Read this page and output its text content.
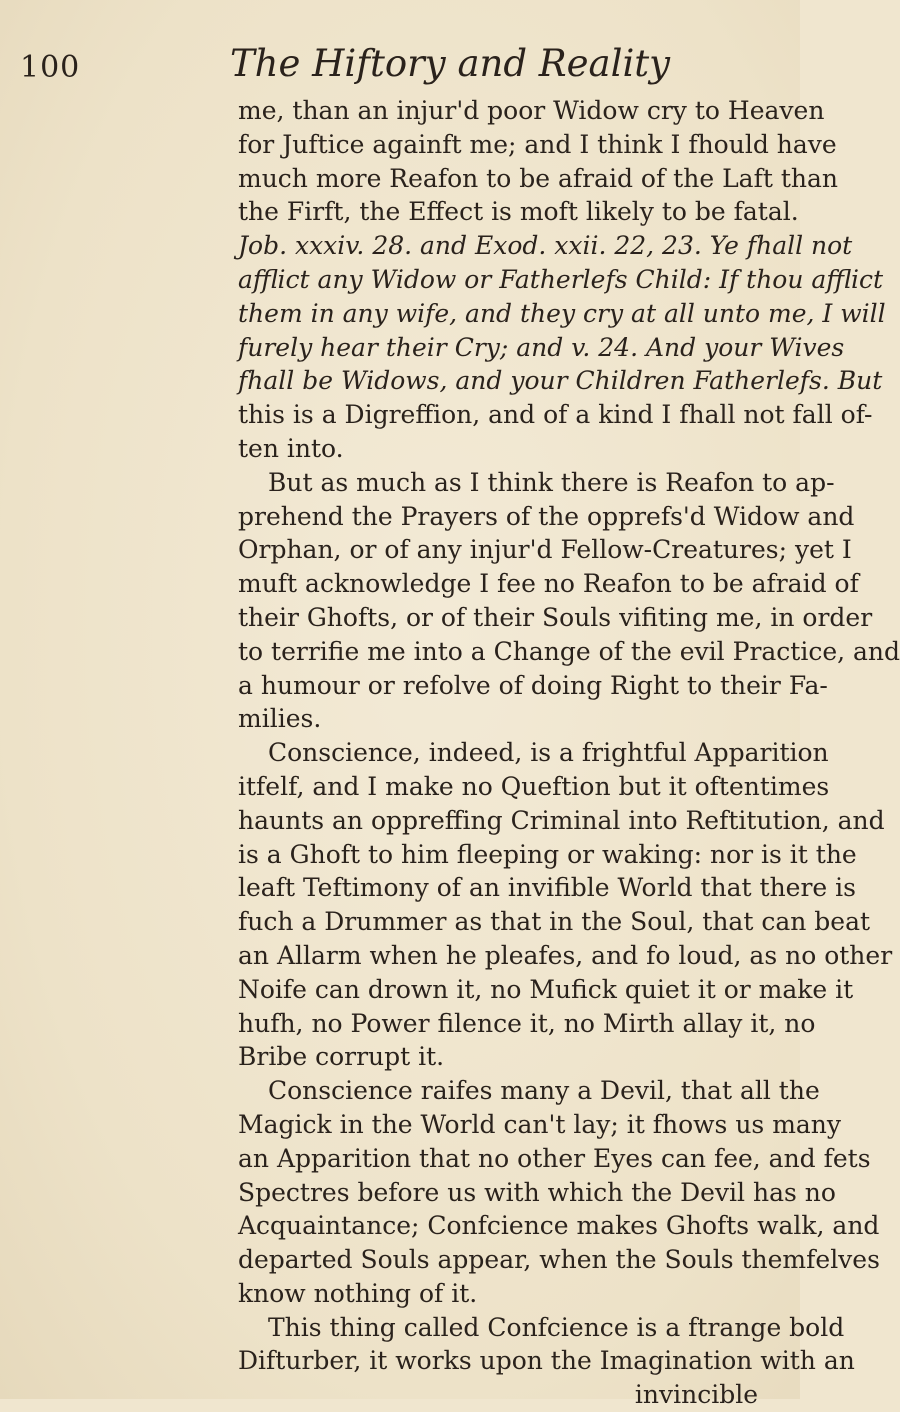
100	The Hiftory and Reality
me, than an injur'd poor Widow cry to Heaven
for Juftice againft me; and I think I fhould have
much more Reafon to be afraid of the Laft than
the Firft, the Effect is moft likely to be fatal.
Job. xxxiv. 28. and Exod. xxii. 22, 23. Ye fhall not
afflict any Widow or Fatherlefs Child: If thou afflict
them in any wife, and they cry at all unto me, I will
furely hear their Cry; and v. 24. And your Wives
fhall be Widows, and your Children Fatherlefs. But
this is a Digreffion, and of a kind I fhall not fall of-
ten into.
But as much as I think there is Reafon to ap-
prehend the Prayers of the opprefs'd Widow and
Orphan, or of any injur'd Fellow-Creatures; yet I
muft acknowledge I fee no Reafon to be afraid of
their Ghofts, or of their Souls vifiting me, in order
to terrifie me into a Change of the evil Practice, and
a humour or refolve of doing Right to their Fa-
milies.
Conscience, indeed, is a frightful Apparition
itfelf, and I make no Queftion but it oftentimes
haunts an oppreffing Criminal into Reftitution, and
is a Ghoft to him fleeping or waking: nor is it the
leaft Teftimony of an invifible World that there is
fuch a Drummer as that in the Soul, that can beat
an Allarm when he pleafes, and fo loud, as no other
Noife can drown it, no Mufick quiet it or make it
hufh, no Power filence it, no Mirth allay it, no
Bribe corrupt it.
Conscience raifes many a Devil, that all the
Magick in the World can't lay; it fhows us many
an Apparition that no other Eyes can fee, and fets
Spectres before us with which the Devil has no
Acquaintance; Confcience makes Ghofts walk, and
departed Souls appear, when the Souls themfelves
know nothing of it.
This thing called Confcience is a ftrange bold
Difturber, it works upon the Imagination with an
invincible
